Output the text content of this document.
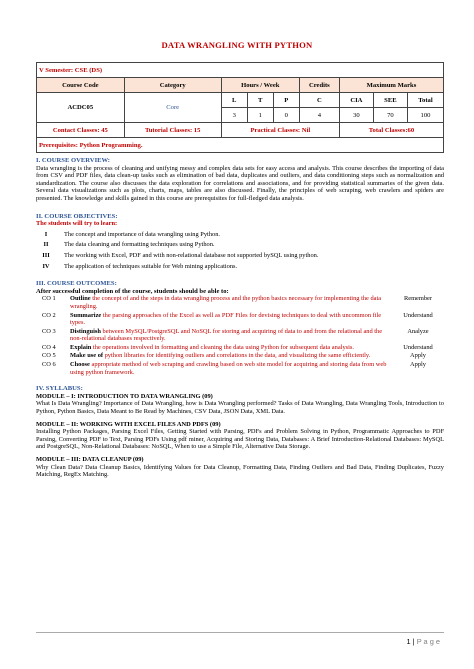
DATA WRANGLING WITH PYTHON
V Semester: CSE (DS)								
Course Code	Category	Hours / Week			Credits	Maximum Marks		
ACDC05	Core	L	T	P	C	CIA	SEE	Total
		3	1	0	4	30	70	100
Contact Classes: 45	Tutorial Classes: 15	Practical Classes: Nil				Total Classes:60		
Prerequisites: Python Programming.								
I. COURSE OVERVIEW:
Data wrangling is the process of cleaning and unifying messy and complex data sets for easy access and analysis. This course describes the importing of data from CSV and PDF files, data clean-up tasks such as elimination of bad data, duplicates and outliers, and data conditioning steps such as normalization and standardization. The course also discusses the data exploration for correlations and associations, and for providing statistical summaries of the given data. Several data visualizations such as plots, charts, maps, tables are also discussed. Finally, the principles of web scraping, web crawlers and spiders are presented. The knowledge and skills gained in this course are prerequisites for full-fledged data analysis.
II. COURSE OBJECTIVES:
The students will try to learn:
I	The concept and importance of data wrangling using Python.
II	The data cleaning and formatting techniques using Python.
III	The working with Excel, PDF and with non-relational database not supported bySQL using python.
IV	The application of techniques suitable for Web mining applications.
III. COURSE OUTCOMES:
After successful completion of the course, students should be able to:
CO 1	Outline the concept of and the steps in data wrangling process and the python basics necessary for implementing the data wrangling.
Remember
CO 2	Summarize the parsing approaches of the Excel as well as PDF Files for devising techniques to deal with uncommon file types.
Understand
CO 3	Distinguish between MySQL/PostgreSQL and NoSQL for storing and acquiring of data to and from the relational and the non-relational databases respectively.
Analyze
CO 4	Explain the operations involved in formatting and cleaning the data using Python for subsequent data analysis.	Understand
CO 5	Make use of python libraries for identifying outliers and correlations in the data, and visualizing the same efficiently.	Apply
CO 6	Choose appropriate method of web scraping and crawling based on web site model for acquiring and storing data from web using python framework.
Apply
IV. SYLLABUS:
MODULE – I: INTRODUCTION TO DATA WRANGLING (09)
What Is Data Wrangling? Importance of Data Wrangling, how is Data Wrangling performed? Tasks of Data Wrangling, Data Wrangling Tools, Introduction to Python, Python Basics, Data Meant to Be Read by Machines, CSV Data, JSON Data, XML Data.
MODULE – II: WORKING WITH EXCEL FILES AND PDFS (09)
Installing Python Packages, Parsing Excel Files, Getting Started with Parsing, PDFs and Problem Solving in Python, Programmatic Approaches to PDF Parsing, Converting PDF to Text, Parsing PDFs Using pdf miner, Acquiring and Storing Data, Databases: A Brief Introduction-Relational Databases: MySQL and PostgreSQL, Non-Relational Databases: NoSQL, When to use a Simple File, Alternative Data Storage.
MODULE – III: DATA CLEANUP (09)
Why Clean Data? Data Cleanup Basics, Identifying Values for Data Cleanup, Formatting Data, Finding Outliers and Bad Data, Finding Duplicates, Fuzzy Matching, RegEx Matching.
1 | P a g e
